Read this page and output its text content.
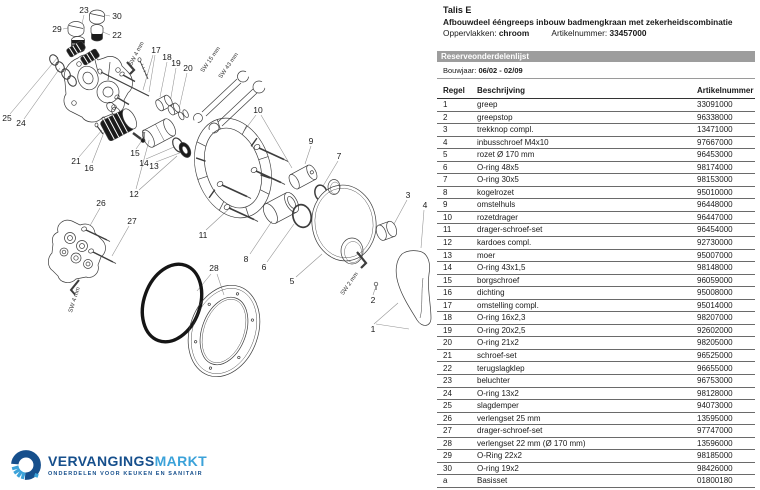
25 24
29
23
30
22
17
18
19 20
10
9
7
3
4
21
16
15
14 13
12
26
27
11
8
6
5
28
2
1
SW 4 mm	SW 15 mm
SW 43 mm
SW 2 mm
SW 4 mm
Talis E
Afbouwdeel ééngreeps inbouw badmengkraan met zekerheidscombinatie
Oppervlakken: chroom	Artikelnummer: 33457000
Reserveonderdelenlijst
Bouwjaar: 06/02 - 02/09
Regel	Beschrijving	Artikelnummer
1	greep	33091000
2	greepstop	96338000
3	trekknop compl.	13471000
4	inbusschroef M4x10	97667000
5	rozet Ø 170 mm	96453000
6	O-ring 48x5	98174000
7	O-ring 30x5	98153000
8	kogelrozet	95010000
9	omstelhuls	96448000
10	rozetdrager	96447000
11	drager-schroef-set	96454000
12	kardoes compl.	92730000
13	moer	95007000
14	O-ring 43x1,5	98148000
15	borgschroef	96059000
16	dichting	95008000
17	omstelling compl.	95014000
18	O-ring 16x2,3	98207000
19	O-ring 20x2,5	92602000
20	O-ring 21x2	98205000
21	schroef-set	96525000
22	terugslagklep	96655000
23	beluchter	96753000
24	O-ring 13x2	98128000
25	slagdemper	94073000
26	verlengset 25 mm	13595000
27	drager-schroef-set	97747000
28	verlengset 22 mm (Ø 170 mm)	13596000
29	O-Ring 22x2	98185000
30	O-ring 19x2	98426000
a	Basisset	01800180
VERVANGINGSMARKT
ONDERDELEN VOOR KEUKEN EN SANITAIR
